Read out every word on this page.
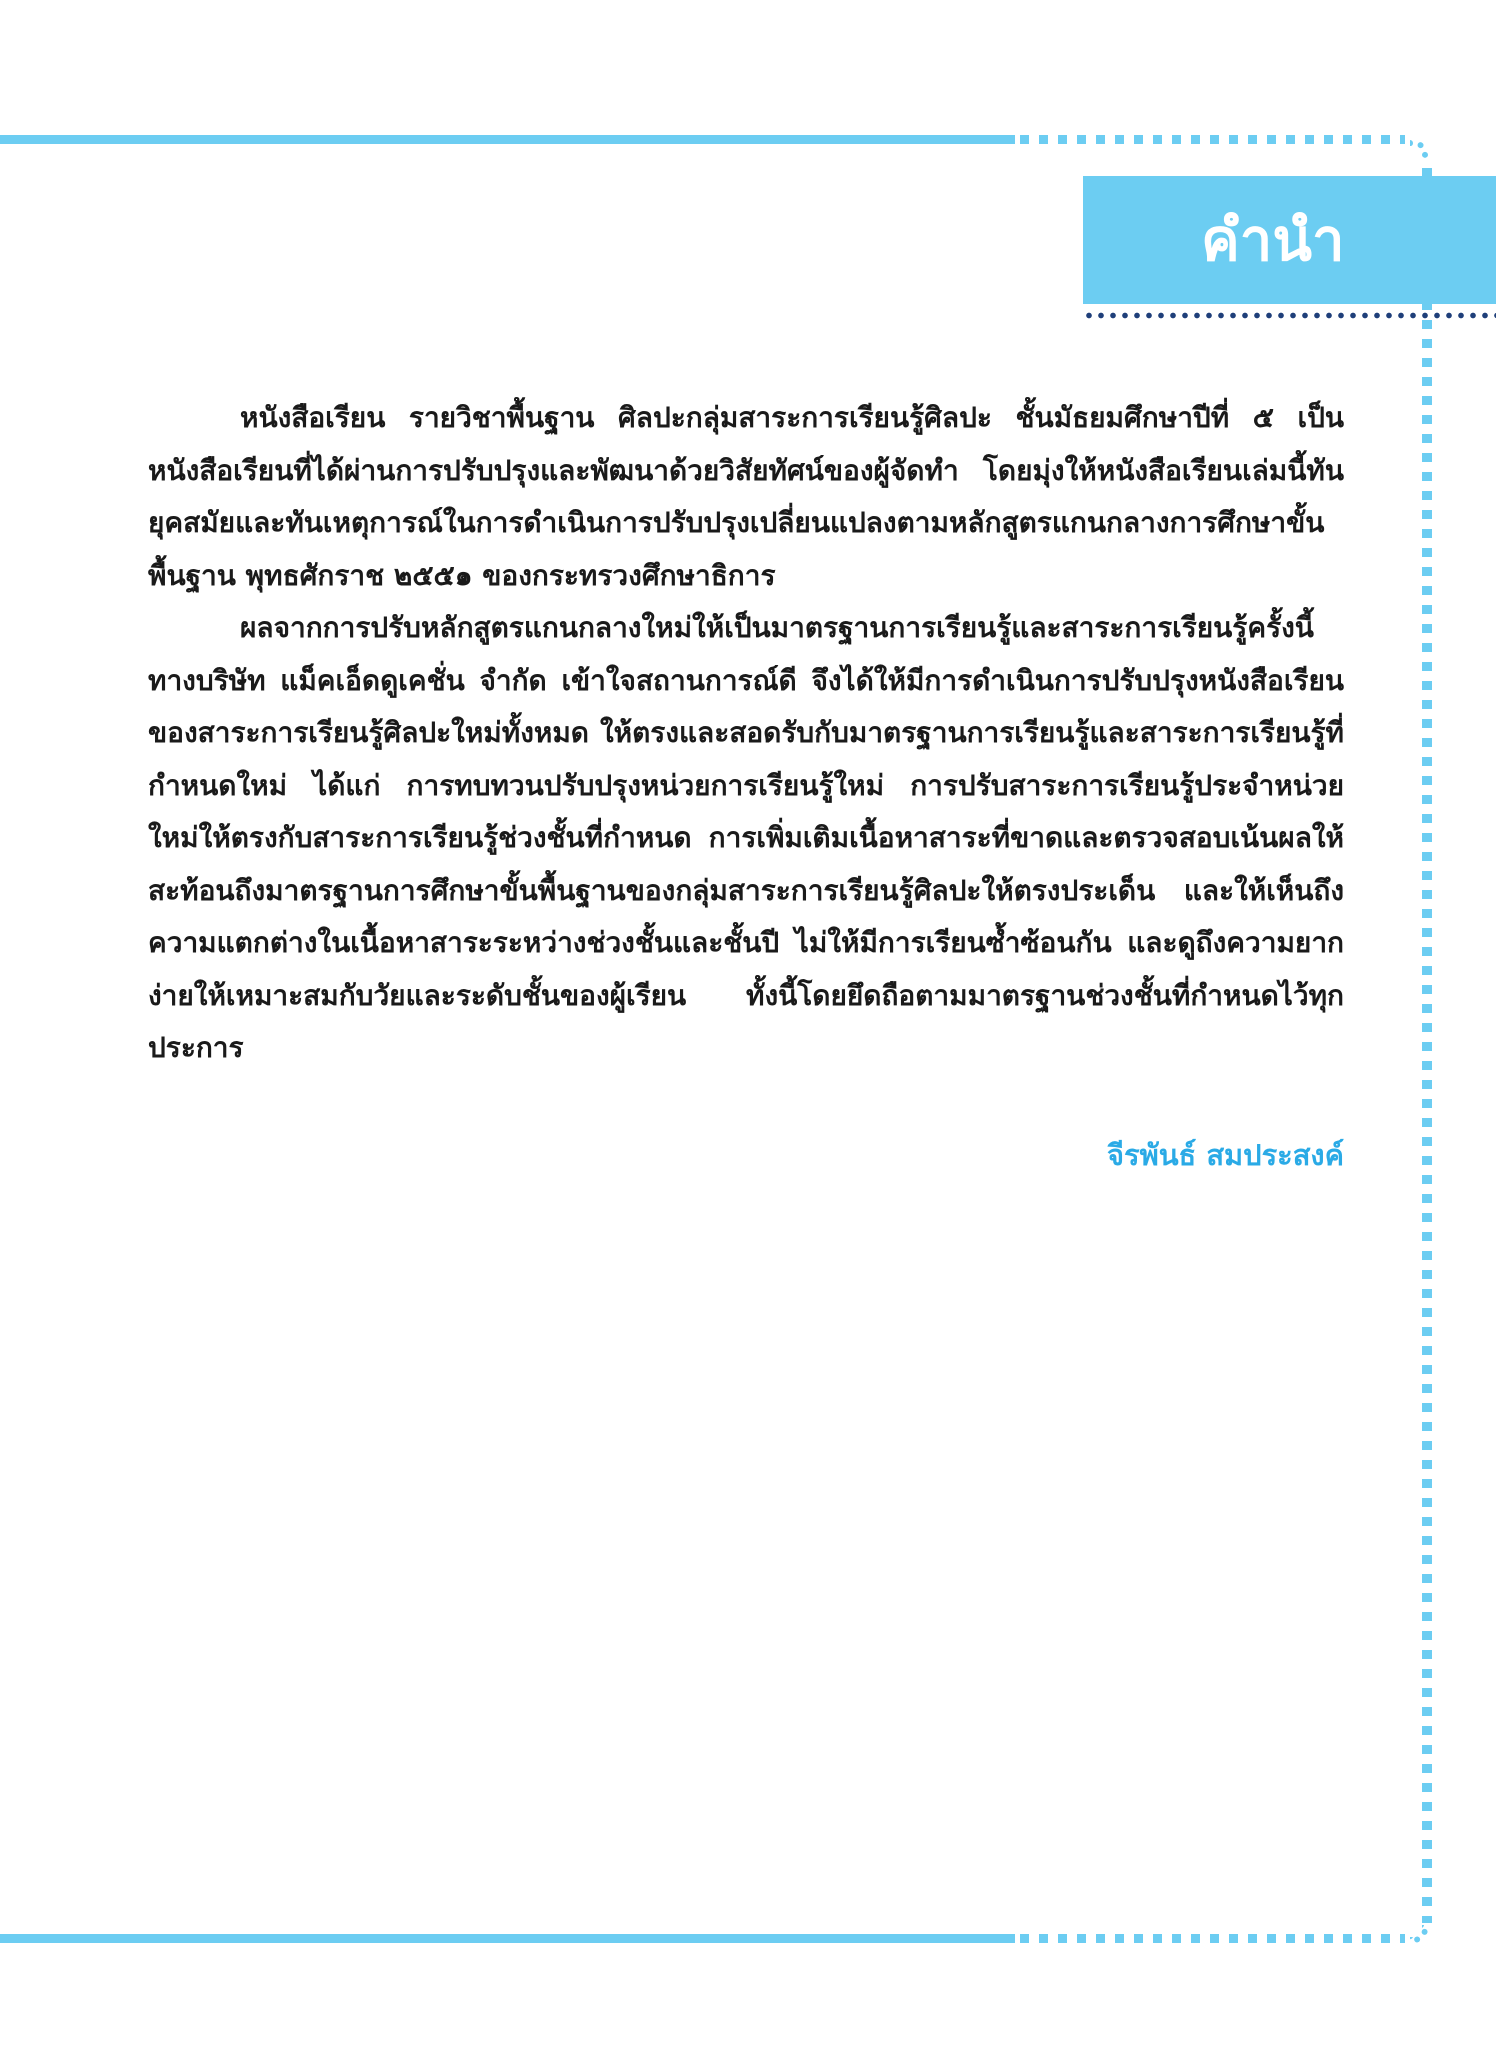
คำนำ

หนังสือเรียน รายวิชาพื้นฐาน ศิลปะกลุ่มสาระการเรียนรู้ศิลปะ ชั้นมัธยมศึกษาปีที่ ๕ เป็นหนังสือเรียนที่ได้ผ่านการปรับปรุงและพัฒนาด้วยวิสัยทัศน์ของผู้จัดทำ โดยมุ่งให้หนังสือเรียนเล่มนี้ทันยุคสมัยและทันเหตุการณ์ในการดำเนินการปรับปรุงเปลี่ยนแปลงตามหลักสูตรแกนกลางการศึกษาขั้นพื้นฐาน พุทธศักราช ๒๕๕๑ ของกระทรวงศึกษาธิการ

ผลจากการปรับหลักสูตรแกนกลางใหม่ให้เป็นมาตรฐานการเรียนรู้และสาระการเรียนรู้ครั้งนี้ ทางบริษัท แม็คเอ็ดดูเคชั่น จำกัด เข้าใจสถานการณ์ดี จึงได้ให้มีการดำเนินการปรับปรุงหนังสือเรียนของสาระการเรียนรู้ศิลปะใหม่ทั้งหมด ให้ตรงและสอดรับกับมาตรฐานการเรียนรู้และสาระการเรียนรู้ที่กำหนดใหม่ ได้แก่ การทบทวนปรับปรุงหน่วยการเรียนรู้ใหม่ การปรับสาระการเรียนรู้ประจำหน่วยใหม่ให้ตรงกับสาระการเรียนรู้ช่วงชั้นที่กำหนด การเพิ่มเติมเนื้อหาสาระที่ขาดและตรวจสอบเน้นผลให้สะท้อนถึงมาตรฐานการศึกษาขั้นพื้นฐานของกลุ่มสาระการเรียนรู้ศิลปะให้ตรงประเด็น และให้เห็นถึงความแตกต่างในเนื้อหาสาระระหว่างช่วงชั้นและชั้นปี ไม่ให้มีการเรียนซ้ำซ้อนกัน และดูถึงความยากง่ายให้เหมาะสมกับวัยและระดับชั้นของผู้เรียน ทั้งนี้โดยยึดถือตามมาตรฐานช่วงชั้นที่กำหนดไว้ทุกประการ

จีรพันธ์ สมประสงค์
